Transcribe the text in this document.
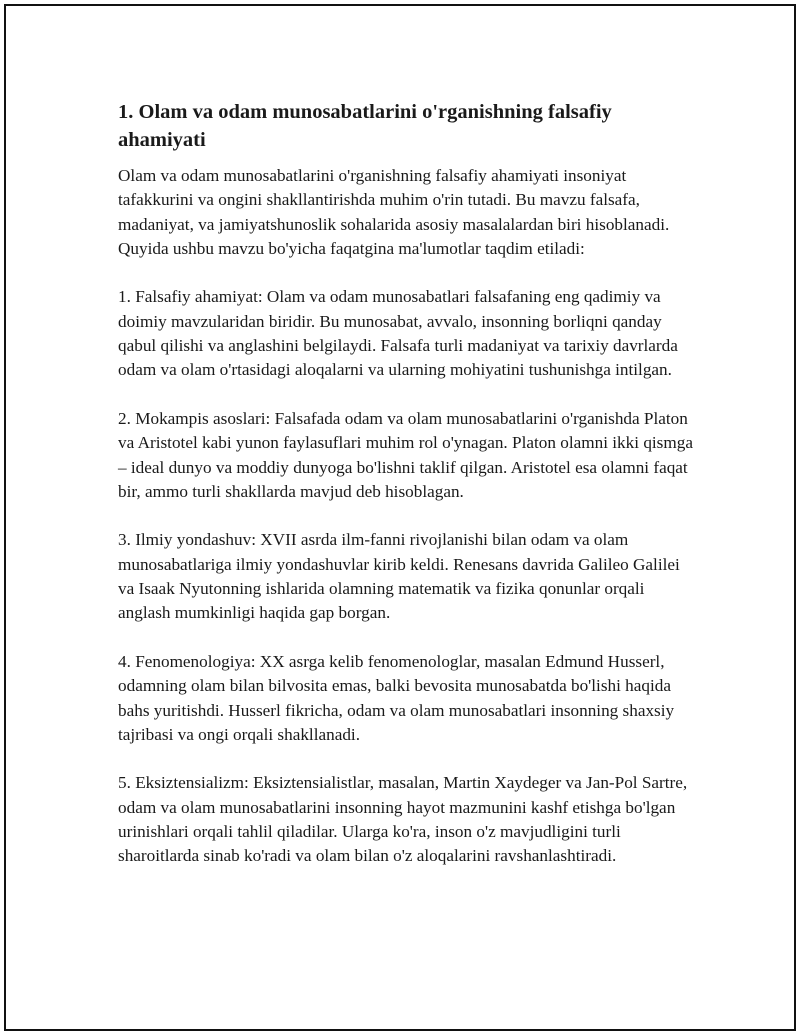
1. Olam va odam munosabatlarini o'rganishning falsafiy ahamiyati

Olam va odam munosabatlarini o'rganishning falsafiy ahamiyati insoniyat tafakkurini va ongini shakllantirishda muhim o'rin tutadi. Bu mavzu falsafa, madaniyat, va jamiyatshunoslik sohalarida asosiy masalalardan biri hisoblanadi. Quyida ushbu mavzu bo'yicha faqatgina ma'lumotlar taqdim etiladi:

1. Falsafiy ahamiyat: Olam va odam munosabatlari falsafaning eng qadimiy va doimiy mavzularidan biridir. Bu munosabat, avvalo, insonning borliqni qanday qabul qilishi va anglashini belgilaydi. Falsafa turli madaniyat va tarixiy davrlarda odam va olam o'rtasidagi aloqalarni va ularning mohiyatini tushunishga intilgan.

2. Mokampis asoslari: Falsafada odam va olam munosabatlarini o'rganishda Platon va Aristotel kabi yunon faylasuflari muhim rol o'ynagan. Platon olamni ikki qismga – ideal dunyo va moddiy dunyoga bo'lishni taklif qilgan. Aristotel esa olamni faqat bir, ammo turli shakllarda mavjud deb hisoblagan.

3. Ilmiy yondashuv: XVII asrda ilm-fanni rivojlanishi bilan odam va olam munosabatlariga ilmiy yondashuvlar kirib keldi. Renesans davrida Galileo Galilei va Isaak Nyutonning ishlarida olamning matematik va fizika qonunlar orqali anglash mumkinligi haqida gap borgan.

4. Fenomenologiya: XX asrga kelib fenomenologlar, masalan Edmund Husserl, odamning olam bilan bilvosita emas, balki bevosita munosabatda bo'lishi haqida bahs yuritishdi. Husserl fikricha, odam va olam munosabatlari insonning shaxsiy tajribasi va ongi orqali shakllanadi.

5. Eksiztensializm: Eksiztensialistlar, masalan, Martin Xaydeger va Jan-Pol Sartre, odam va olam munosabatlarini insonning hayot mazmunini kashf etishga bo'lgan urinishlari orqali tahlil qiladilar. Ularga ko'ra, inson o'z mavjudligini turli sharoitlarda sinab ko'radi va olam bilan o'z aloqalarini ravshanlashtiradi.
